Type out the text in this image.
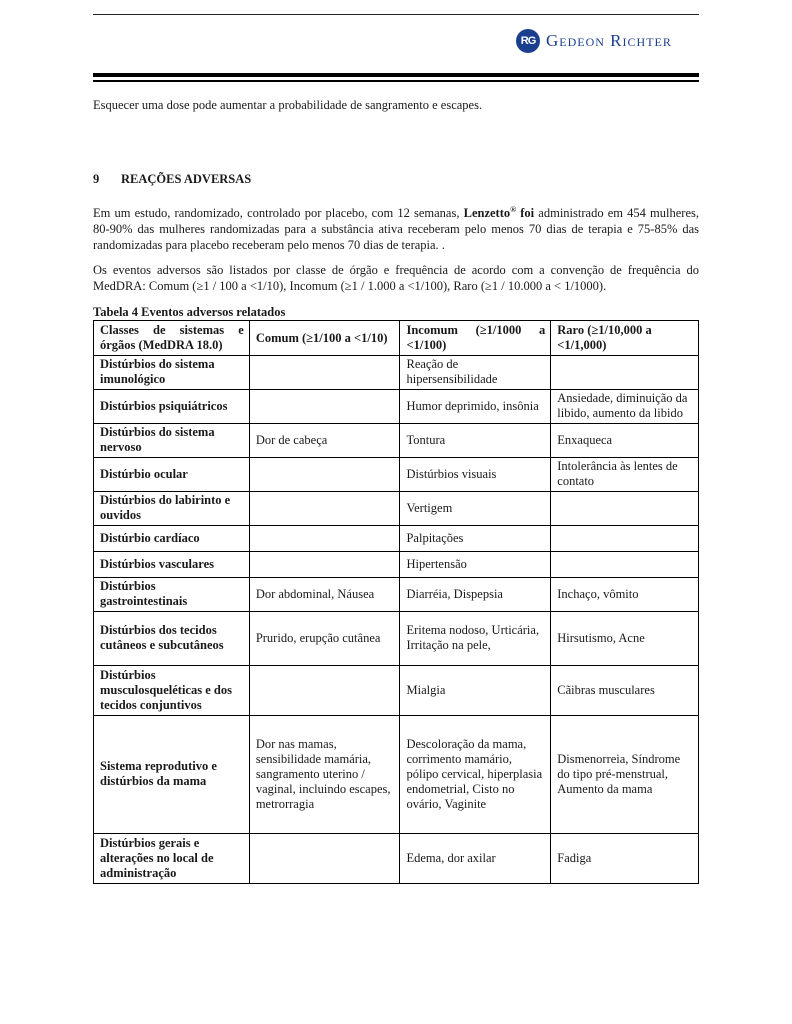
RG Gedeon Richter
Esquecer uma dose pode aumentar a probabilidade de sangramento e escapes.
9 REAÇÕES ADVERSAS
Em um estudo, randomizado, controlado por placebo, com 12 semanas, Lenzetto® foi administrado em 454 mulheres, 80-90% das mulheres randomizadas para a substância ativa receberam pelo menos 70 dias de terapia e 75-85% das randomizadas para placebo receberam pelo menos 70 dias de terapia. .
Os eventos adversos são listados por classe de órgão e frequência de acordo com a convenção de frequência do MedDRA: Comum (≥1 / 100 a <1/10), Incomum (≥1 / 1.000 a <1/100), Raro (≥1 / 10.000 a < 1/1000).
Tabela 4 Eventos adversos relatados
Classes de sistemas e órgãos (MedDRA 18.0)	Comum (≥1/100 a <1/10)	Incomum (≥1/1000 a <1/100)	Raro (≥1/10,000 a <1/1,000)
Distúrbios do sistema imunológico		Reação de hipersensibilidade	
Distúrbios psiquiátricos		Humor deprimido, insônia	Ansiedade, diminuição da libido, aumento da libido
Distúrbios do sistema nervoso	Dor de cabeça	Tontura	Enxaqueca
Distúrbio ocular		Distúrbios visuais	Intolerância às lentes de contato
Distúrbios do labirinto e ouvidos		Vertigem	
Distúrbio cardíaco		Palpitações	
Distúrbios vasculares		Hipertensão	
Distúrbios gastrointestinais	Dor abdominal, Náusea	Diarréia, Dispepsia	Inchaço, vômito
Distúrbios dos tecidos cutâneos e subcutâneos	Prurido, erupção cutânea	Eritema nodoso, Urticária, Irritação na pele,	Hirsutismo, Acne
Distúrbios musculosqueléticas e dos tecidos conjuntivos		Mialgia	Cãibras musculares
Sistema reprodutivo e distúrbios da mama	Dor nas mamas, sensibilidade mamária, sangramento uterino / vaginal, incluindo escapes, metrorragia	Descoloração da mama, corrimento mamário, pólipo cervical, hiperplasia endometrial, Cisto no ovário, Vaginite	Dismenorreia, Síndrome do tipo pré-menstrual, Aumento da mama
Distúrbios gerais e alterações no local de administração		Edema, dor axilar	Fadiga
